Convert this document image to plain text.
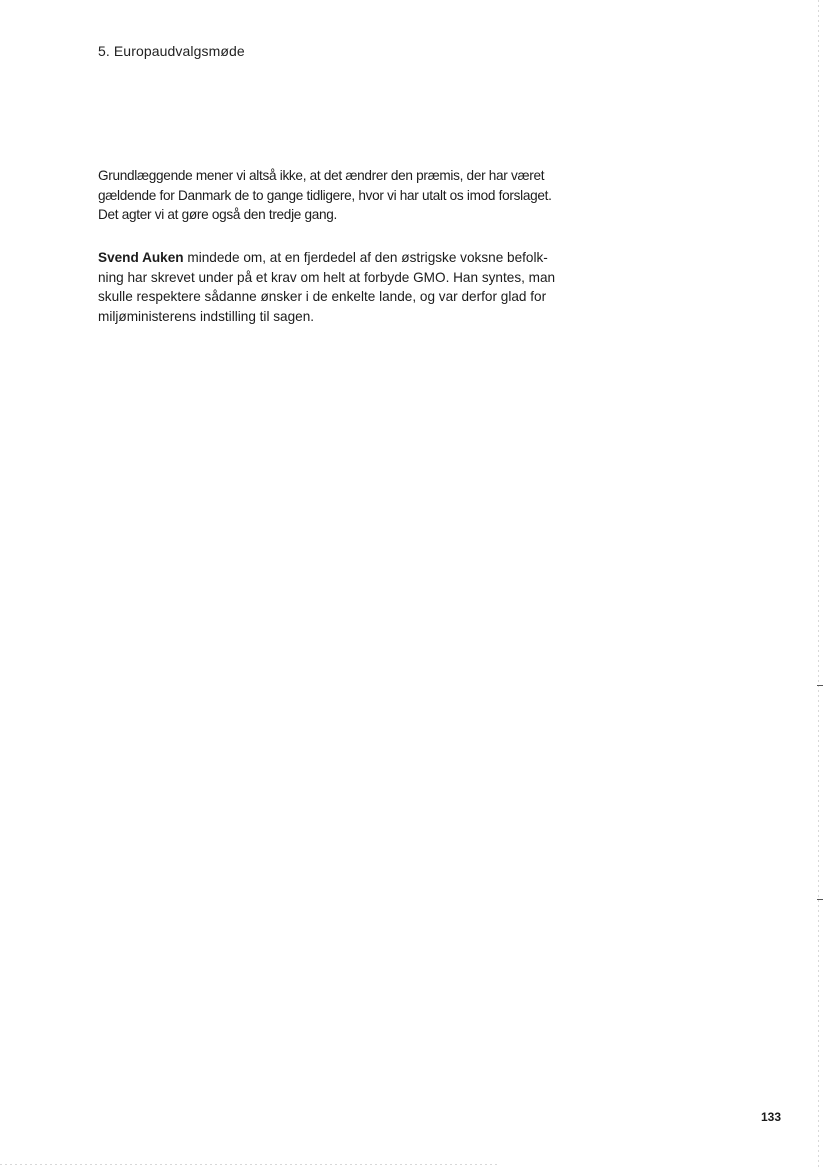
5. Europaudvalgsmøde
Grundlæggende mener vi altså ikke, at det ændrer den præmis, der har været
gældende for Danmark de to gange tidligere, hvor vi har utalt os imod forslaget.
Det agter vi at gøre også den tredje gang.
Svend Auken mindede om, at en fjerdedel af den østrigske voksne befolk-
ning har skrevet under på et krav om helt at forbyde GMO. Han syntes, man
skulle respektere sådanne ønsker i de enkelte lande, og var derfor glad for
miljøministerens indstilling til sagen.
133
